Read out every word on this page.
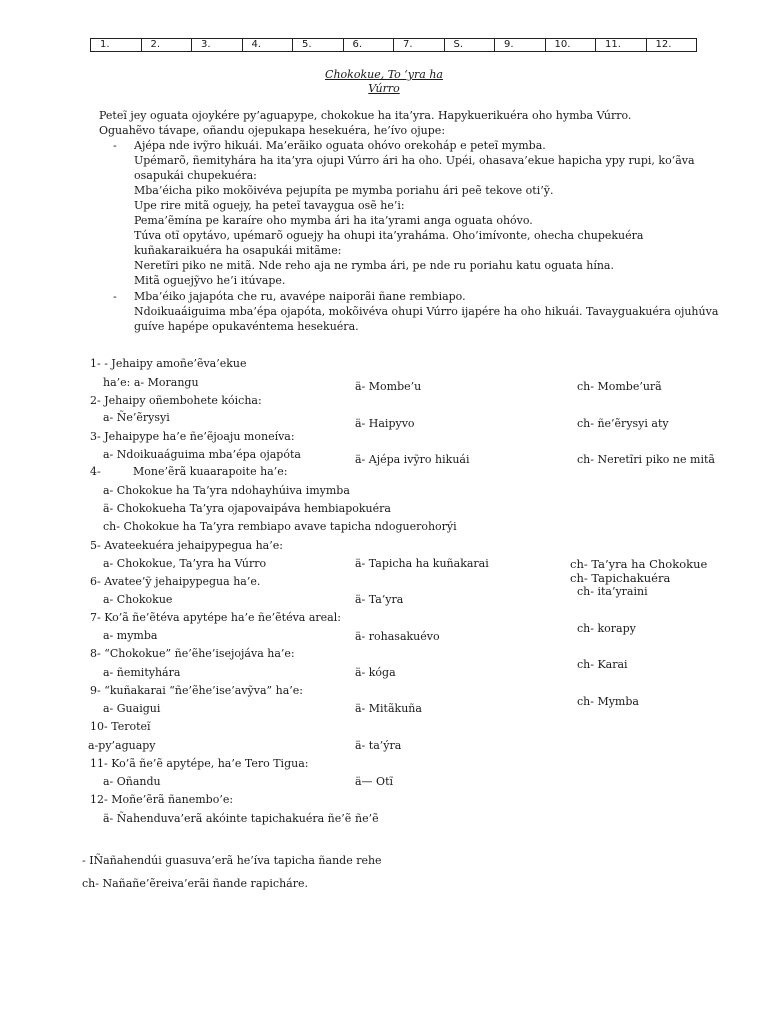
1.	2.	3.	4.	5.	6.	7.	S.	9.	10.	11.	12.
Chokokue, To ‘yra ha
Vúrro
Peteĩ jey oguata ojoykére py’aguapype, chokokue ha ita’yra. Hapykuerikuéra oho hymba Vúrro.
Oguahẽvo távape, oñandu ojepukapa hesekuéra, he’ívo ojupe:
- Ajépa nde ivỹro hikuái. Ma’erãiko oguata ohóvo orekoháp e peteĩ mymba.
Upémarõ, ñemityhára ha ita’yra ojupi Vúrro ári ha oho. Upéi, ohasava’ekue hapicha ypy rupi, ko’ãva
osapukái chupekuéra:
Mba’éicha piko mokõivéva pejupíta pe mymba poriahu ári peẽ tekove oti’ỹ.
Upe rire mitã oguejy, ha peteĩ tavaygua osẽ he’i:
Pema’ẽmína pe karaíre oho mymba ári ha ita’yrami anga oguata ohóvo.
Túva otĩ opytávo, upémarõ oguejy ha ohupi ita’yraháma. Oho’imívonte, ohecha chupekuéra
kuñakaraikuéra ha osapukái mitãme:
Neretĩri piko ne mitã. Nde reho aja ne rymba ári, pe nde ru poriahu katu oguata hína.
Mitã oguejỹvo he’i itúvape.
- Mba’éiko jajapóta che ru, avavépe naiporãi ñane rembiapo.
Ndoikuaáiguima mba’épa ojapóta, mokõivéva ohupi Vúrro ijapére ha oho hikuái. Tavayguakuéra ojuhúva
guíve hapépe opukavéntema hesekuéra.
1- - Jehaipy amoñe’ẽva’ekue
ha’e: a- Morangu	ä- Mombe’u	ch- Mombe’urã
2- Jehaipy oñembohete kóicha:
a- Ñe’ẽrysyi	ä- Haipyvo	ch- ñe’ẽrysyi aty
3- Jehaipype ha’e ñe’ẽjoaju moneíva:
a- Ndoikuaáguima mba’épa ojapóta	ä- Ajépa ivỹro hikuái	ch- Neretĩri piko ne mitã
4-	Mone’ẽrã kuaarapoite ha’e:
a- Chokokue ha Ta’yra ndohayhúiva imymba
ä- Chokokueha Ta’yra ojapovaipáva hembiapokuéra
ch- Chokokue ha Ta’yra rembiapo avave tapicha ndoguerohorýi
5- Avateekuéra jehaipypegua ha’e:
a- Chokokue, Ta’yra ha Vúrro	ä- Tapicha ha kuñakarai	ch- Ta’yra ha Chokokue
ch- Tapichakuéra
6- Avatee’ỹ jehaipypegua ha’e.
a- Chokokue	ä- Ta’yra
ch- ita’yraini
7- Ko’ã ñe’ẽtéva apytépe ha’e ñe’ẽtéva areal:
a- mymba	ä- rohasakuévo
ch- korapy
8- “Chokokue” ñe’ẽhe’isejojáva ha’e:
a- ñemityhára	ä- kóga
ch- Karai
9- “kuñakarai “ñe’ẽhe’ise’avỹva” ha’e:
a- Guaigui	ä- Mitãkuña
ch- Mymba
10- Teroteĩ
a-py’aguapy	ä- ta’ýra
11- Ko’ã ñe’ẽ apytépe, ha’e Tero Tigua:
a- Oñandu	ä— Otĩ
12- Moñe’ẽrã ñanembo’e:
ä- Ñahenduva’erã akóinte tapichakuéra ñe’ẽ ñe’ẽ
- IÑañahendúi guasuva’erã he’íva tapicha ñande rehe
ch- Nañañe’ẽreiva’erãi ñande rapicháre.
